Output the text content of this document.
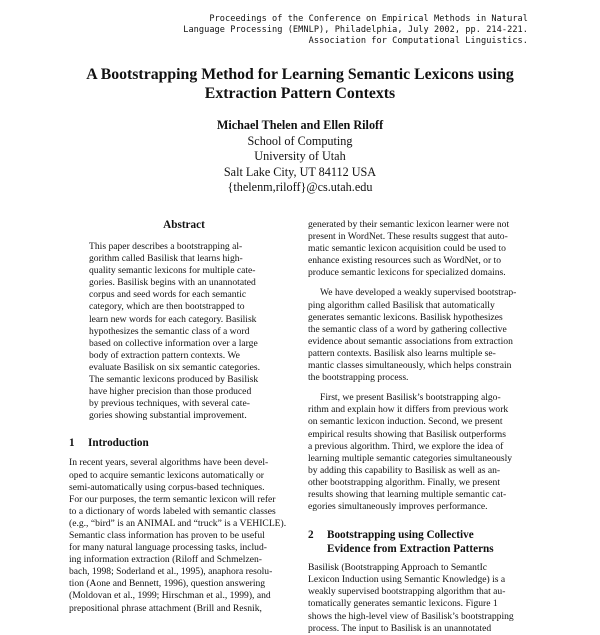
Proceedings of the Conference on Empirical Methods in Natural
Language Processing (EMNLP), Philadelphia, July 2002, pp. 214-221.
Association for Computational Linguistics.
A Bootstrapping Method for Learning Semantic Lexicons using
Extraction Pattern Contexts
Michael Thelen and Ellen Riloff
School of Computing
University of Utah
Salt Lake City, UT 84112 USA
{thelenm,riloff}@cs.utah.edu
Abstract
This paper describes a bootstrapping al-
gorithm called Basilisk that learns high-
quality semantic lexicons for multiple cate-
gories. Basilisk begins with an unannotated
corpus and seed words for each semantic
category, which are then bootstrapped to
learn new words for each category. Basilisk
hypothesizes the semantic class of a word
based on collective information over a large
body of extraction pattern contexts. We
evaluate Basilisk on six semantic categories.
The semantic lexicons produced by Basilisk
have higher precision than those produced
by previous techniques, with several cate-
gories showing substantial improvement.
1	Introduction
In recent years, several algorithms have been devel-
oped to acquire semantic lexicons automatically or
semi-automatically using corpus-based techniques.
For our purposes, the term semantic lexicon will refer
to a dictionary of words labeled with semantic classes
(e.g., “bird” is an ANIMAL and “truck” is a VEHICLE).
Semantic class information has proven to be useful
for many natural language processing tasks, includ-
ing information extraction (Riloff and Schmelzen-
bach, 1998; Soderland et al., 1995), anaphora resolu-
tion (Aone and Bennett, 1996), question answering
(Moldovan et al., 1999; Hirschman et al., 1999), and
prepositional phrase attachment (Brill and Resnik,
generated by their semantic lexicon learner were not
present in WordNet. These results suggest that auto-
matic semantic lexicon acquisition could be used to
enhance existing resources such as WordNet, or to
produce semantic lexicons for specialized domains.
We have developed a weakly supervised bootstrap-
ping algorithm called Basilisk that automatically
generates semantic lexicons. Basilisk hypothesizes
the semantic class of a word by gathering collective
evidence about semantic associations from extraction
pattern contexts. Basilisk also learns multiple se-
mantic classes simultaneously, which helps constrain
the bootstrapping process.
First, we present Basilisk’s bootstrapping algo-
rithm and explain how it differs from previous work
on semantic lexicon induction. Second, we present
empirical results showing that Basilisk outperforms
a previous algorithm. Third, we explore the idea of
learning multiple semantic categories simultaneously
by adding this capability to Basilisk as well as an-
other bootstrapping algorithm. Finally, we present
results showing that learning multiple semantic cat-
egories simultaneously improves performance.
2	Bootstrapping using Collective
Evidence from Extraction Patterns
Basilisk (Bootstrapping Approach to SemantIc
Lexicon Induction using Semantic Knowledge) is a
weakly supervised bootstrapping algorithm that au-
tomatically generates semantic lexicons. Figure 1
shows the high-level view of Basilisk’s bootstrapping
process. The input to Basilisk is an unannotated
